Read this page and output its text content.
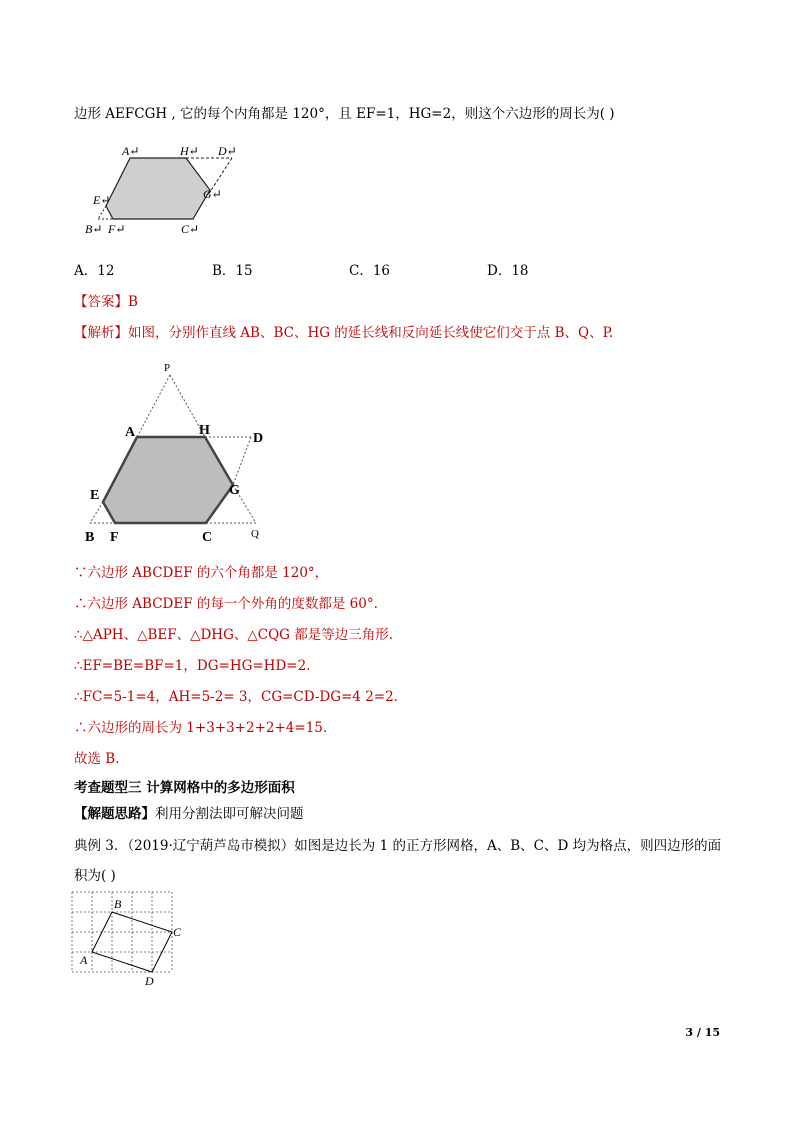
边形 AEFCGH , 它的每个内角都是 120°，且 EF=1，HG=2，则这个六边形的周长为( )
A↵	H↵ D↵
E↵	G↵
B↵ F↵	C↵
A．12	B．15	C．16	D．18
【答案】B
【解析】如图，分别作直线 AB、BC、HG 的延长线和反向延长线使它们交于点 B、Q、P.
P
A	H
D
E	G
B F	C	Q
∵六边形 ABCDEF 的六个角都是 120°，
∴六边形 ABCDEF 的每一个外角的度数都是 60°.
∴△APH、△BEF、△DHG、△CQG 都是等边三角形.
∴EF=BE=BF=1，DG=HG=HD=2.
∴FC=5-1=4，AH=5-2= 3，CG=CD-DG=4 2=2.
∴六边形的周长为 1+3+3+2+2+4=15.
故选 B.
考查题型三 计算网格中的多边形面积
【解题思路】利用分割法即可解决问题
典例 3．（2019·辽宁葫芦岛市模拟）如图是边长为 1 的正方形网格，A、B、C、D 均为格点，则四边形的面
积为( )
B
C
A
D
3 / 15
